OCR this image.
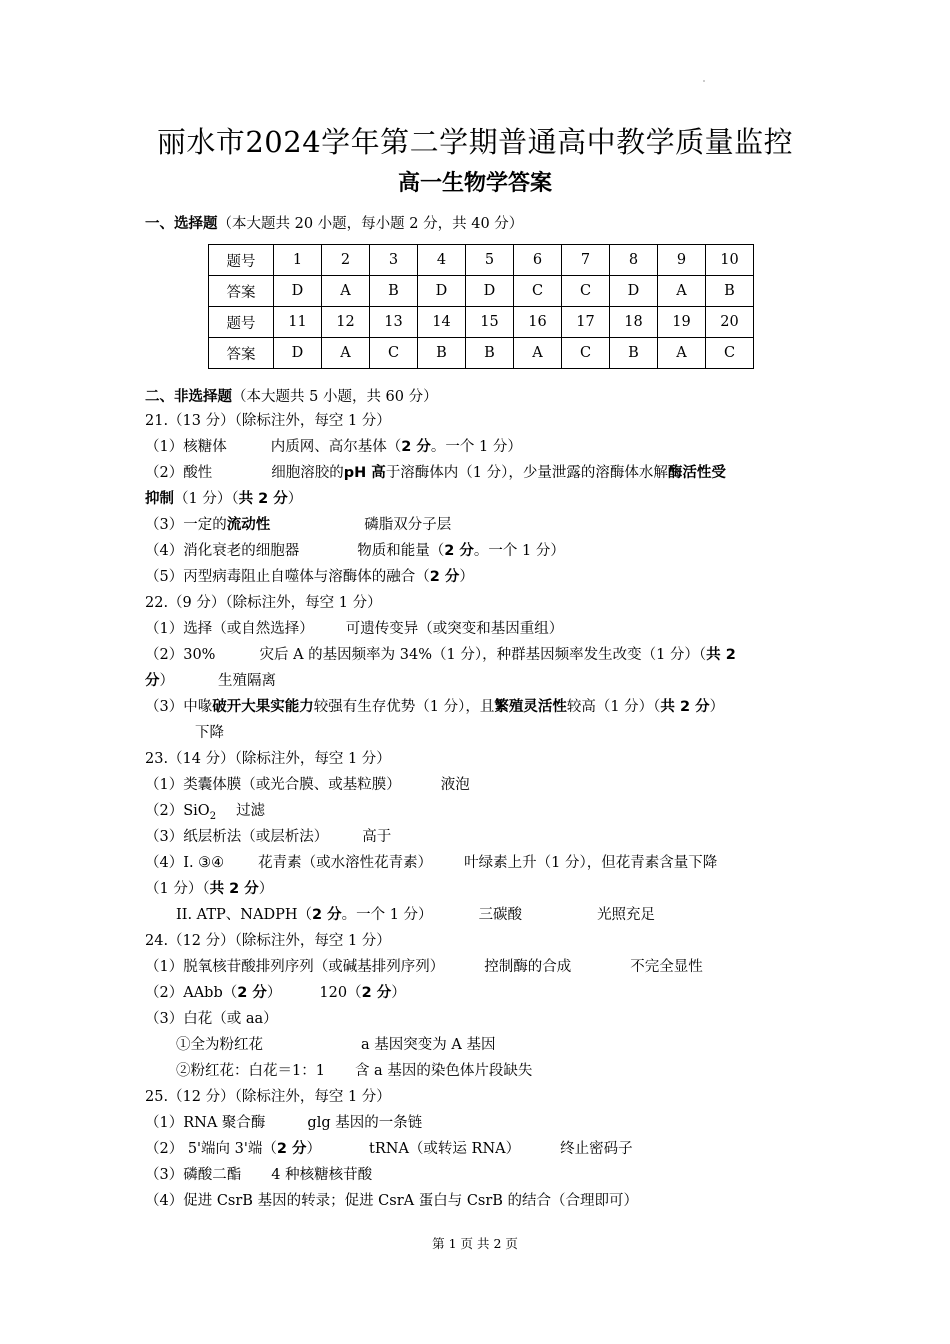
丽水市2024学年第二学期普通高中教学质量监控
高一生物学答案
一、选择题（本大题共 20 小题，每小题 2 分，共 40 分）
题号	1	2	3	4	5	6	7	8	9	10
答案	D	A	B	D	D	C	C	D	A	B
题号	11	12	13	14	15	16	17	18	19	20
答案	D	A	C	B	B	A	C	B	A	C
二、非选择题（本大题共 5 小题，共 60 分）
21.（13 分）（除标注外，每空 1 分）
（1）核糖体	内质网、高尔基体（2 分。一个 1 分）
（2）酸性	细胞溶胶的pH 高于溶酶体内（1 分），少量泄露的溶酶体水解酶活性受
抑制（1 分）（共 2 分）
（3）一定的流动性	磷脂双分子层
（4）消化衰老的细胞器	物质和能量（2 分。一个 1 分）
（5）丙型病毒阻止自噬体与溶酶体的融合（2 分）
22.（9 分）（除标注外，每空 1 分）
（1）选择（或自然选择） 可遗传变异（或突变和基因重组）
（2）30%	灾后 A 的基因频率为 34%（1 分），种群基因频率发生改变（1 分）（共 2
分）	生殖隔离
（3）中喙破开大果实能力较强有生存优势（1 分），且繁殖灵活性较高（1 分）（共 2 分）
下降
23.（14 分）（除标注外，每空 1 分）
（1）类囊体膜（或光合膜、或基粒膜）	液泡
（2）SiO$_2$ 过滤
（3）纸层析法（或层析法） 高于
（4）Ⅰ. ③④ 花青素（或水溶性花青素） 叶绿素上升（1 分），但花青素含量下降
（1 分）（共 2 分）
II. ATP、NADPH（2 分。一个 1 分）	三碳酸	光照充足
24.（12 分）（除标注外，每空 1 分）
（1）脱氧核苷酸排列序列（或碱基排列序列）	控制酶的合成	不完全显性
（2）AAbb（2 分）	120（2 分）
（3）白花（或 aa）
①全为粉红花	a 基因突变为 A 基因
②粉红花：白花＝1：1 含 a 基因的染色体片段缺失
25.（12 分）（除标注外，每空 1 分）
（1）RNA 聚合酶	glg 基因的一条链
（2） 5'端向 3'端（2 分）	tRNA（或转运 RNA）	终止密码子
（3）磷酸二酯 4 种核糖核苷酸
（4）促进 CsrB 基因的转录；促进 CsrA 蛋白与 CsrB 的结合（合理即可）
第 1 页 共 2 页
